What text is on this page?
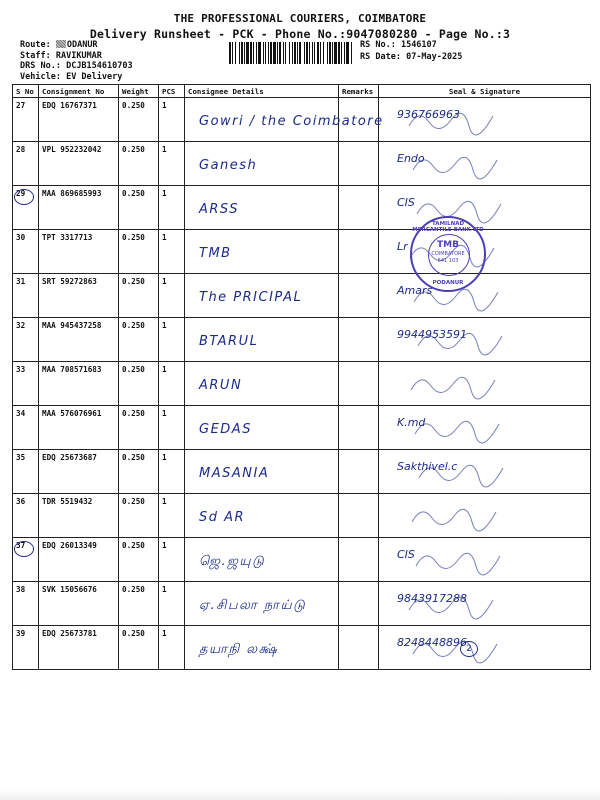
THE PROFESSIONAL COURIERS, COIMBATORE
Delivery Runsheet - PCK - Phone No.:9047080280 - Page No.:3
Route: ODANUR
Staff: RAVIKUMAR
DRS No.: DCJB154610703
Vehicle: EV Delivery
RS No.: 1546107
RS Date: 07-May-2025
S No	Consignment No	Weight	PCS	Consignee Details	Remarks	Seal & Signature
27	EDQ 16767371	0.250	1	Gowri / the Coimbatore		936766963

28	VPL 952232042	0.250	1	Ganesh		Endo

29	MAA 869685993	0.250	1	ARSS		CIS

30	TPT 3317713	0.250	1	TMB		Lr

31	SRT 59272863	0.250	1	The PRICIPAL		Amars

32	MAA 945437258	0.250	1	BTARUL		9944953591

33	MAA 708571683	0.250	1	ARUN

34	MAA 576076961	0.250	1	GEDAS		K.md

35	EDQ 25673687	0.250	1	MASANIA		Sakthivel.c

36	TDR 5519432	0.250	1	Sd AR

37	EDQ 26013349	0.250	1	ஜெ.ஜயுடு		CIS

38	SVK 15056676	0.250	1	ஏ.சிபலா நாய்டு		9843917288

39	EDQ 25673781	0.250	1	தயாநி லக்ஷ்		8248448896
TAMILNAD MERCANTILE BANK LTD
TMB
COIMBATORE
641 103
PODANUR
2
